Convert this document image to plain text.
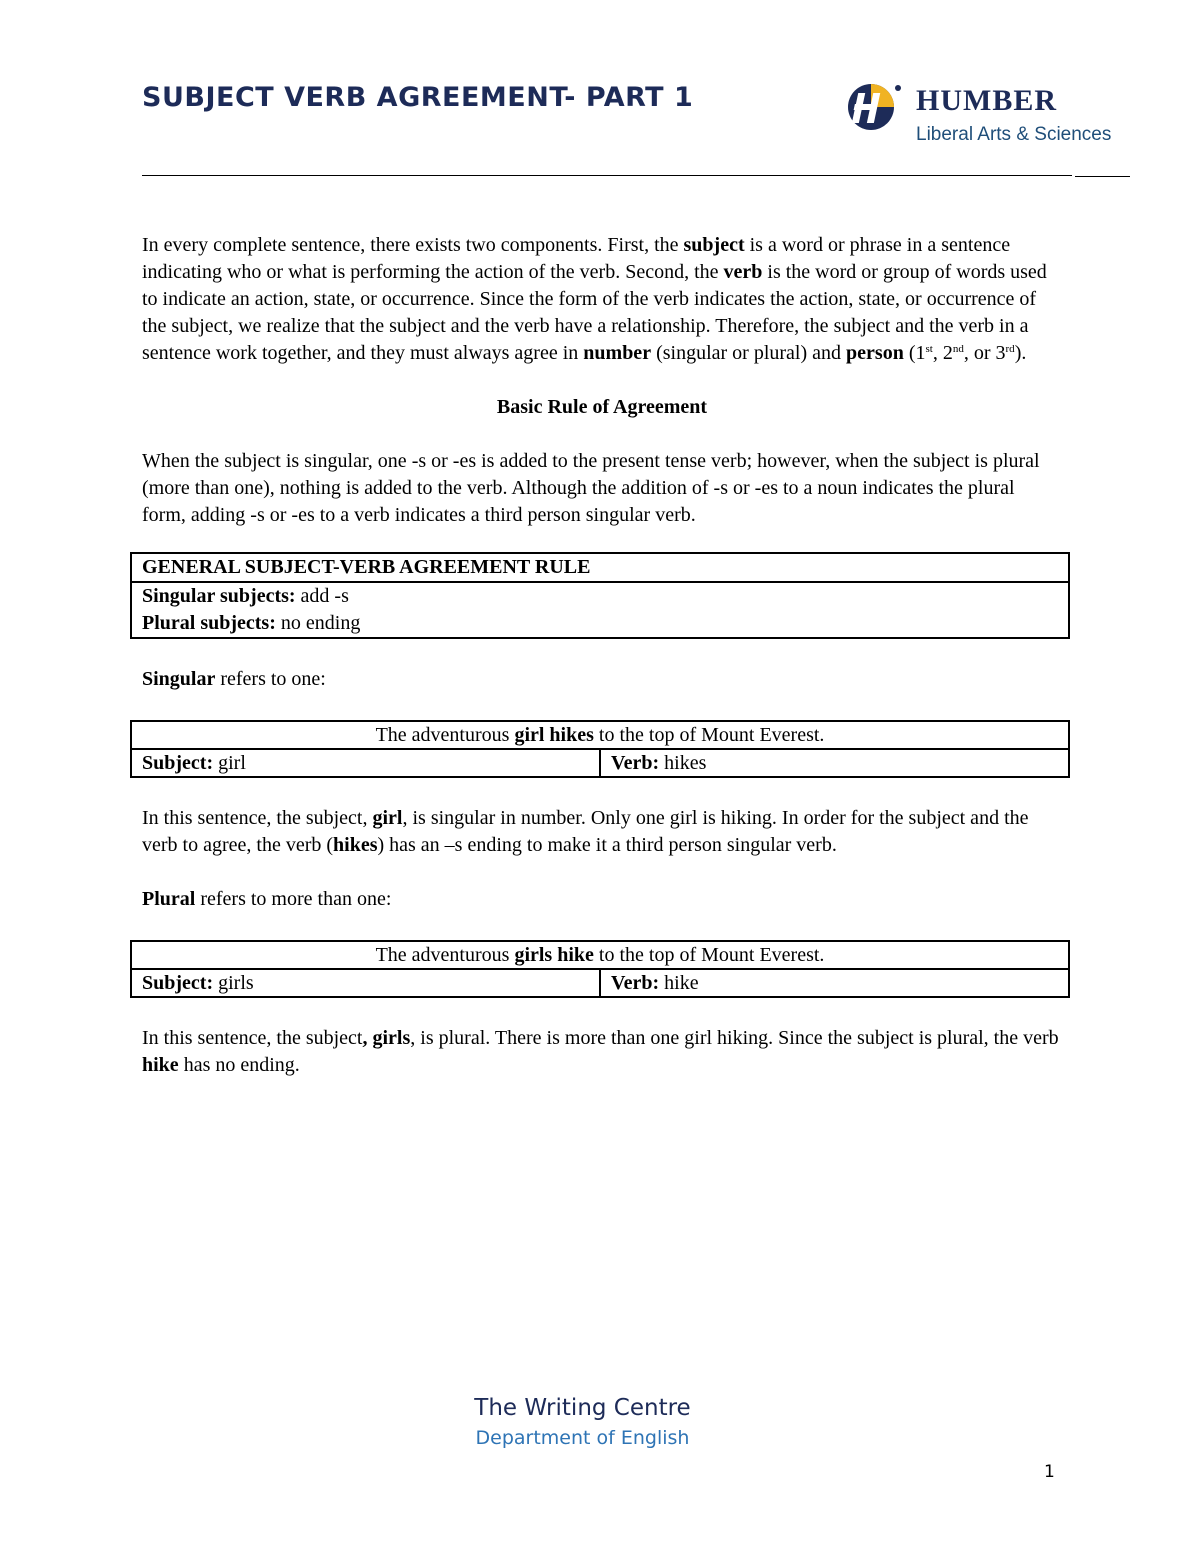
SUBJECT VERB AGREEMENT- PART 1	HUMBER
Liberal Arts & Sciences

In every complete sentence, there exists two components. First, the subject is a word or phrase in a sentence indicating who or what is performing the action of the verb. Second, the verb is the word or group of words used to indicate an action, state, or occurrence. Since the form of the verb indicates the action, state, or occurrence of the subject, we realize that the subject and the verb have a relationship. Therefore, the subject and the verb in a sentence work together, and they must always agree in number (singular or plural) and person (1st, 2nd, or 3rd).

Basic Rule of Agreement

When the subject is singular, one -s or -es is added to the present tense verb; however, when the subject is plural (more than one), nothing is added to the verb. Although the addition of -s or -es to a noun indicates the plural form, adding -s or -es to a verb indicates a third person singular verb.

GENERAL SUBJECT-VERB AGREEMENT RULE

Singular subjects: add -s
Plural subjects: no ending

Singular refers to one:

The adventurous girl hikes to the top of Mount Everest.
Subject: girl	Verb: hikes

In this sentence, the subject, girl, is singular in number. Only one girl is hiking. In order for the subject and the verb to agree, the verb (hikes) has an –s ending to make it a third person singular verb.

Plural refers to more than one:

The adventurous girls hike to the top of Mount Everest.
Subject: girls	Verb: hike

In this sentence, the subject, girls, is plural. There is more than one girl hiking. Since the subject is plural, the verb hike has no ending.

The Writing Centre
Department of English
1
